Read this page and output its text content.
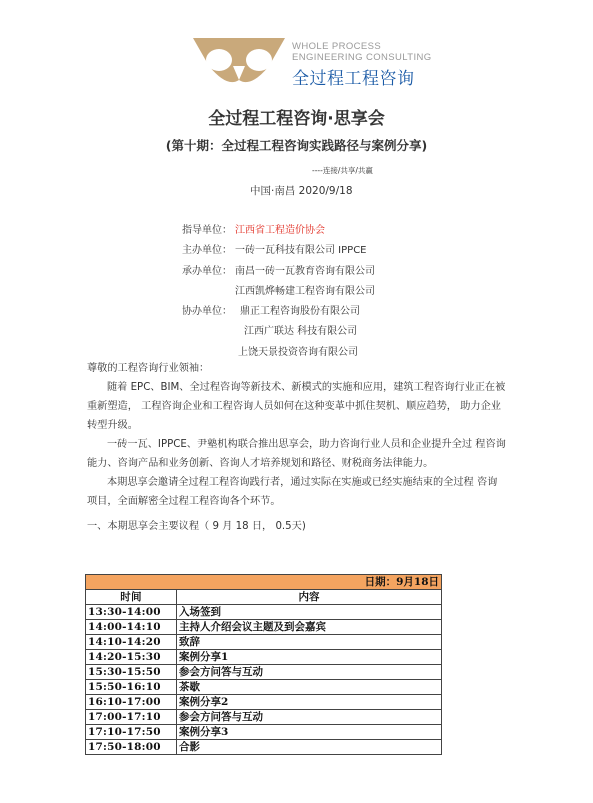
WHOLE PROCESS
ENGINEERING CONSULTING
全过程工程咨询
全过程工程咨询·思享会
(第十期：全过程工程咨询实践路径与案例分享)
----连接/共享/共赢
中国·南昌 2020/9/18
指导单位： 江西省工程造价协会
主办单位： 一砖一瓦科技有限公司 IPPCE
承办单位： 南昌一砖一瓦教育咨询有限公司
江西凯烨畅建工程咨询有限公司
协办单位： 鼎正工程咨询股份有限公司
江西广联达 科技有限公司
上饶天景投资咨询有限公司
尊敬的工程咨询行业领袖：
随着 EPC、BIM、全过程咨询等新技术、新模式的实施和应用，建筑工程咨询行业正在被重新塑造， 工程咨询企业和工程咨询人员如何在这种变革中抓住契机、顺应趋势， 助力企业转型升级。
一砖一瓦、IPPCE、尹塾机构联合推出思享会，助力咨询行业人员和企业提升全过 程咨询能力、咨询产品和业务创新、咨询人才培养规划和路径、财税商务法律能力。
本期思享会邀请全过程工程咨询践行者，通过实际在实施或已经实施结束的全过程 咨询项目，全面解密全过程工程咨询各个环节。
一、本期思享会主要议程（ 9 月 18 日， 0.5天)
日期：9月18日	
时间	内容
13:30-14:00	入场签到
14:00-14:10	主持人介绍会议主题及到会嘉宾
14:10-14:20	致辞
14:20-15:30	案例分享1
15:30-15:50	参会方问答与互动
15:50-16:10	茶歇
16:10-17:00	案例分享2
17:00-17:10	参会方问答与互动
17:10-17:50	案例分享3
17:50-18:00	合影
